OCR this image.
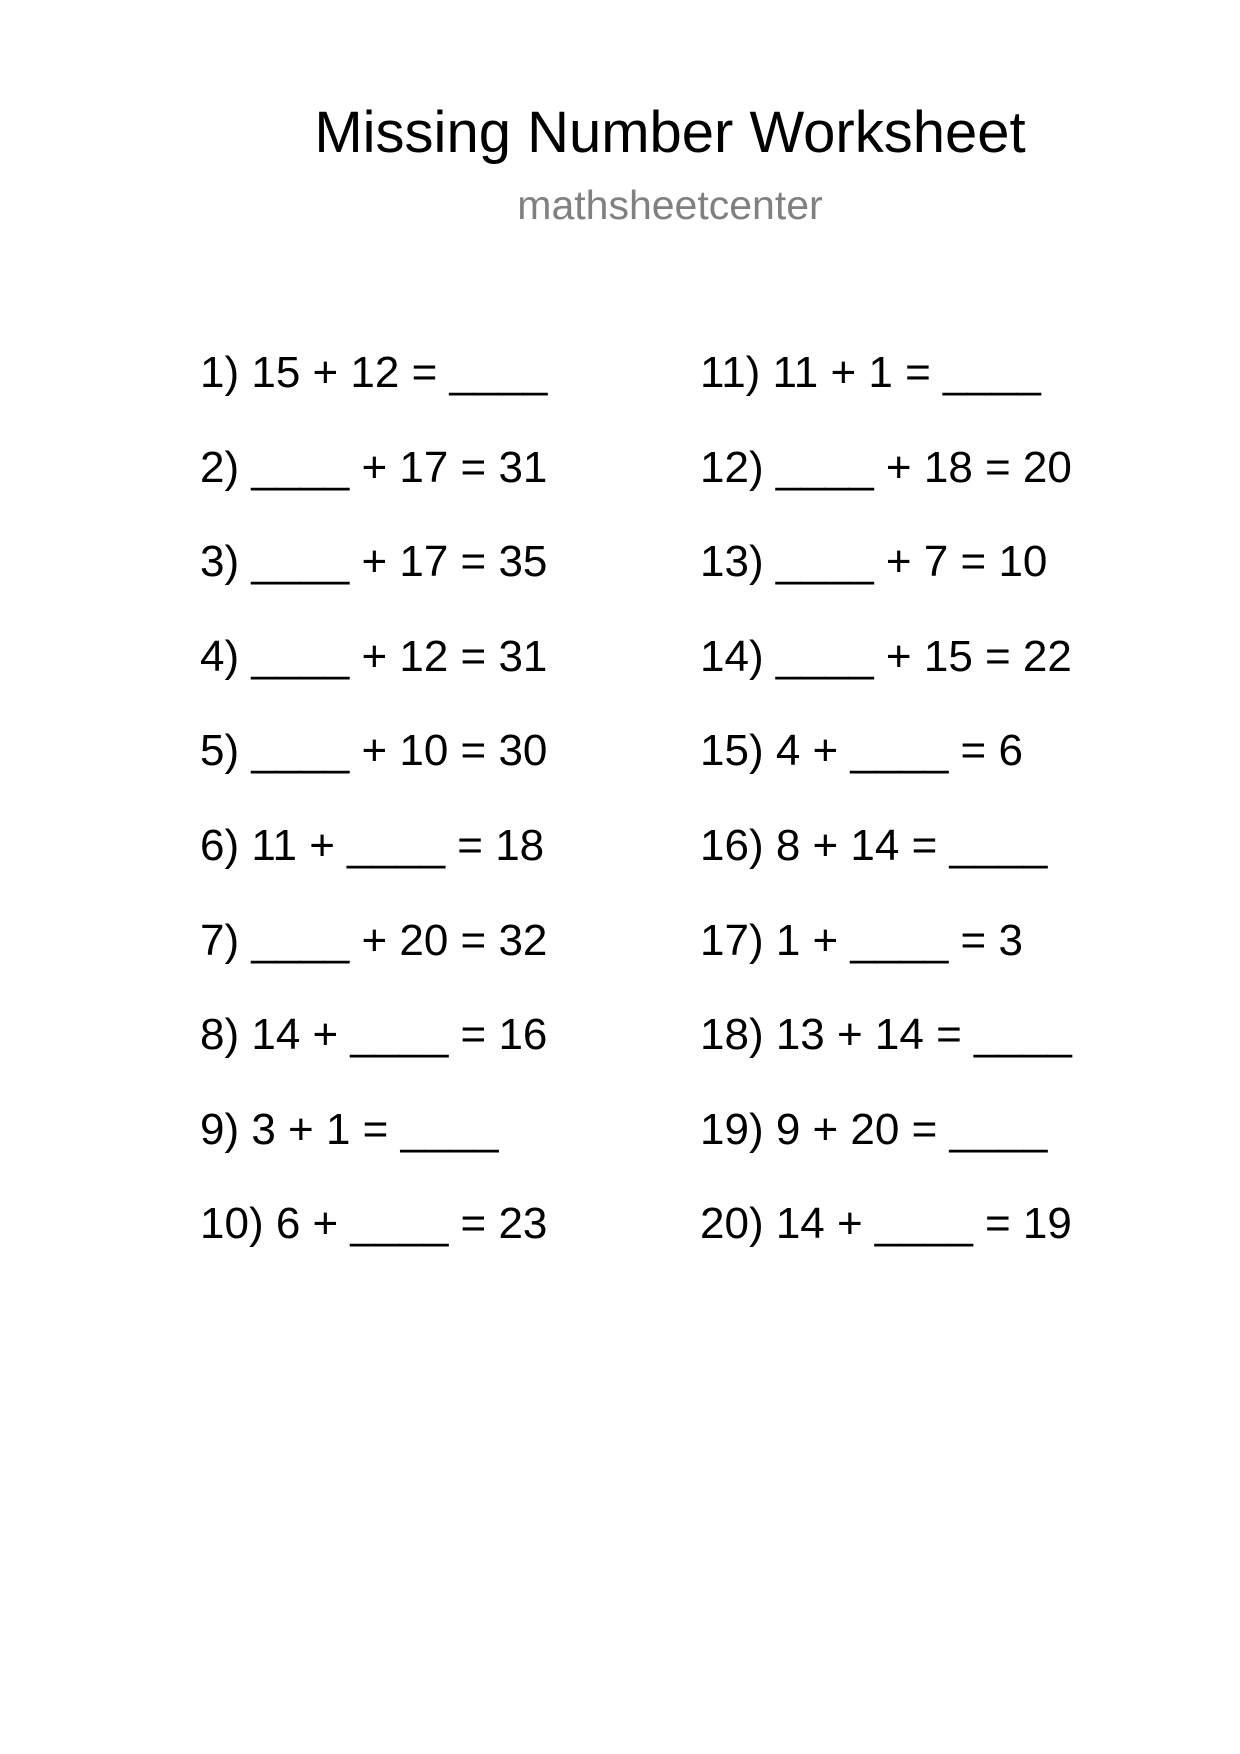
Missing Number Worksheet
mathsheetcenter
1) 15 + 12 = ____
2) ____ + 17 = 31
3) ____ + 17 = 35
4) ____ + 12 = 31
5) ____ + 10 = 30
6) 11 + ____ = 18
7) ____ + 20 = 32
8) 14 + ____ = 16
9) 3 + 1 = ____
10) 6 + ____ = 23
11) 11 + 1 = ____
12) ____ + 18 = 20
13) ____ + 7 = 10
14) ____ + 15 = 22
15) 4 + ____ = 6
16) 8 + 14 = ____
17) 1 + ____ = 3
18) 13 + 14 = ____
19) 9 + 20 = ____
20) 14 + ____ = 19
